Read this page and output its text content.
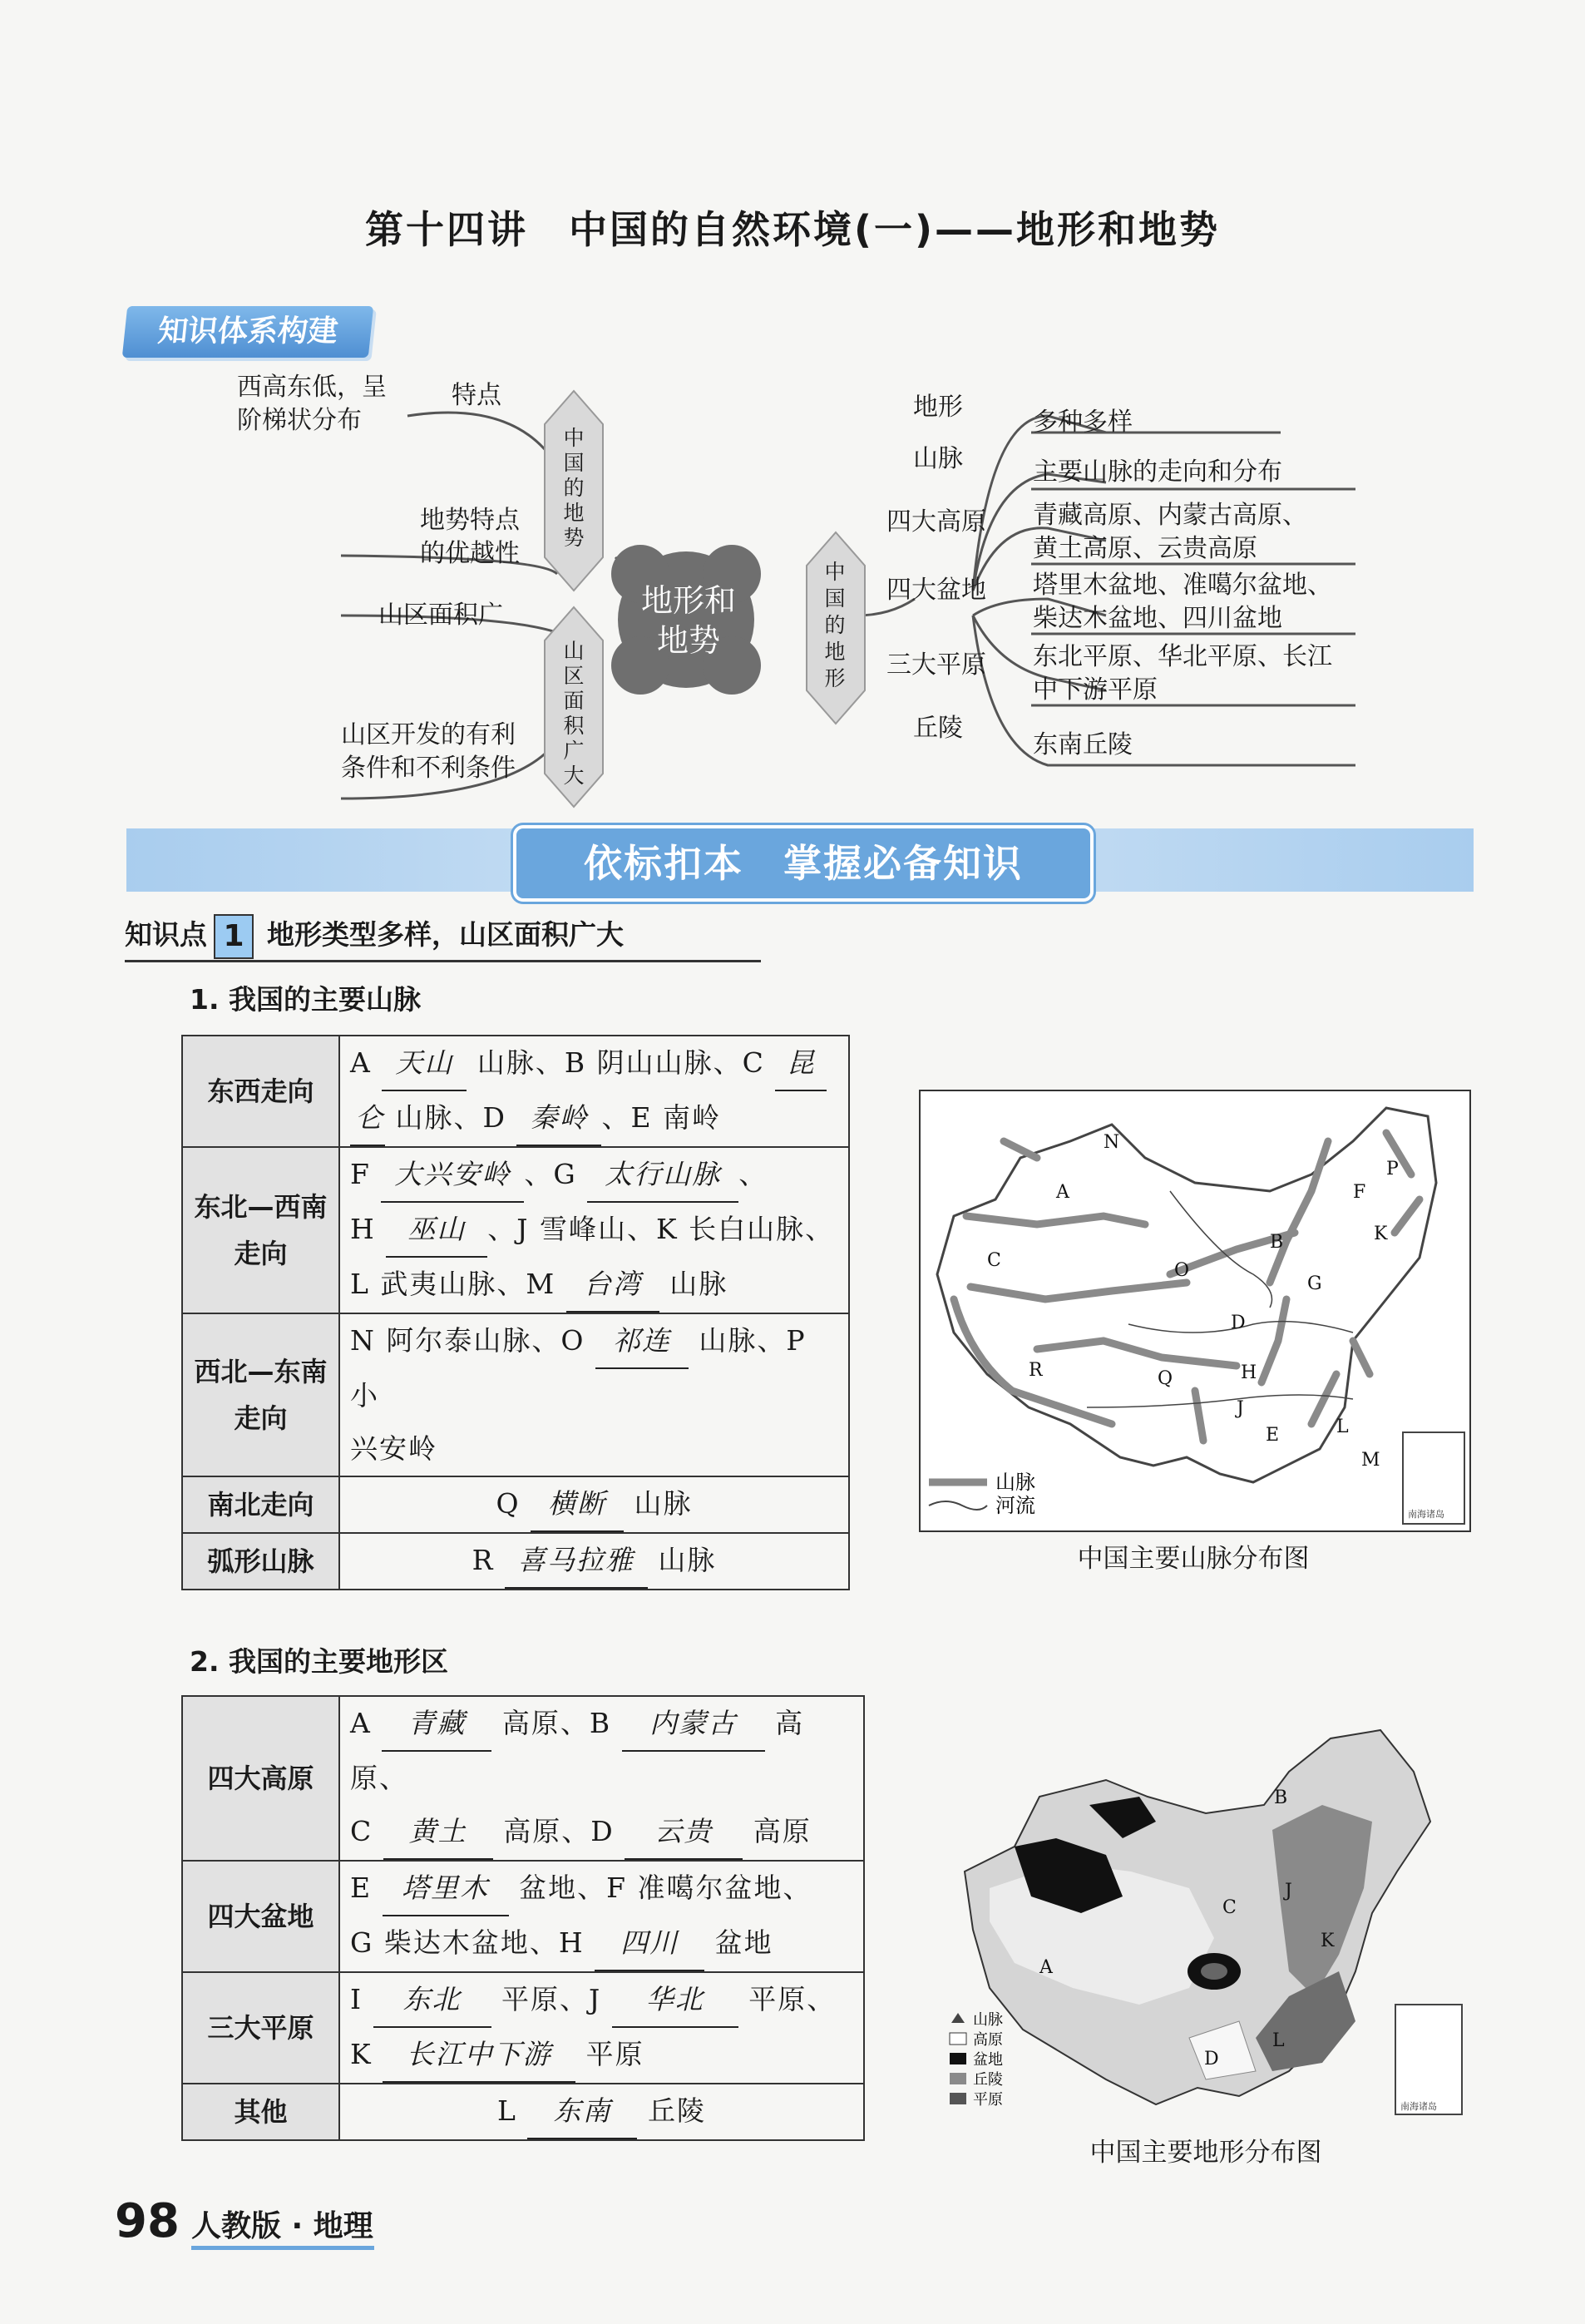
第十四讲　中国的自然环境(一)——地形和地势
知识体系构建
地形和
地势
中国的地势
山区面积广大
中国的地形
西高东低，呈
阶梯状分布
特点
地势特点
的优越性
山区面积广
山区开发的有利
条件和不利条件
地形
多种多样
山脉	主要山脉的走向和分布
四大高原 青藏高原、内蒙古高原、
黄土高原、云贵高原
四大盆地 塔里木盆地、准噶尔盆地、
柴达木盆地、四川盆地
三大平原 东北平原、华北平原、长江
中下游平原
丘陵
东南丘陵
依标扣本　掌握必备知识
知识点 1 地形类型多样，山区面积广大
1. 我国的主要山脉
东西走向	A 天山 山脉、B 阴山山脉、C 昆
仑 山脉、D 秦岭 、E 南岭

东北—西南走向	F 大兴安岭 、G 太行山脉 、
H 巫山 、J 雪峰山、K 长白山脉、
L 武夷山脉、M 台湾 山脉

西北—东南走向	N 阿尔泰山脉、O 祁连 山脉、P 小
兴安岭

南北走向	Q 横断 山脉
弧形山脉	R 喜马拉雅 山脉
N
A	F
P
K
B
C	O
G
D
R	Q	H
J
E	L
M
南海诸岛
山脉
河流
中国主要山脉分布图
2. 我国的主要地形区
四大高原	A 青藏 高原、B 内蒙古 高原、
C 黄土 高原、D 云贵 高原

四大盆地	E 塔里木 盆地、F 准噶尔盆地、
G 柴达木盆地、H 四川 盆地

三大平原	I 东北 平原、J 华北 平原、
K 长江中下游 平原

其他	L 东南 丘陵
B
C
J
A
K
D
L
南海诸岛
山脉
高原
盆地
丘陵
平原
中国主要地形分布图
98 人教版 · 地理
